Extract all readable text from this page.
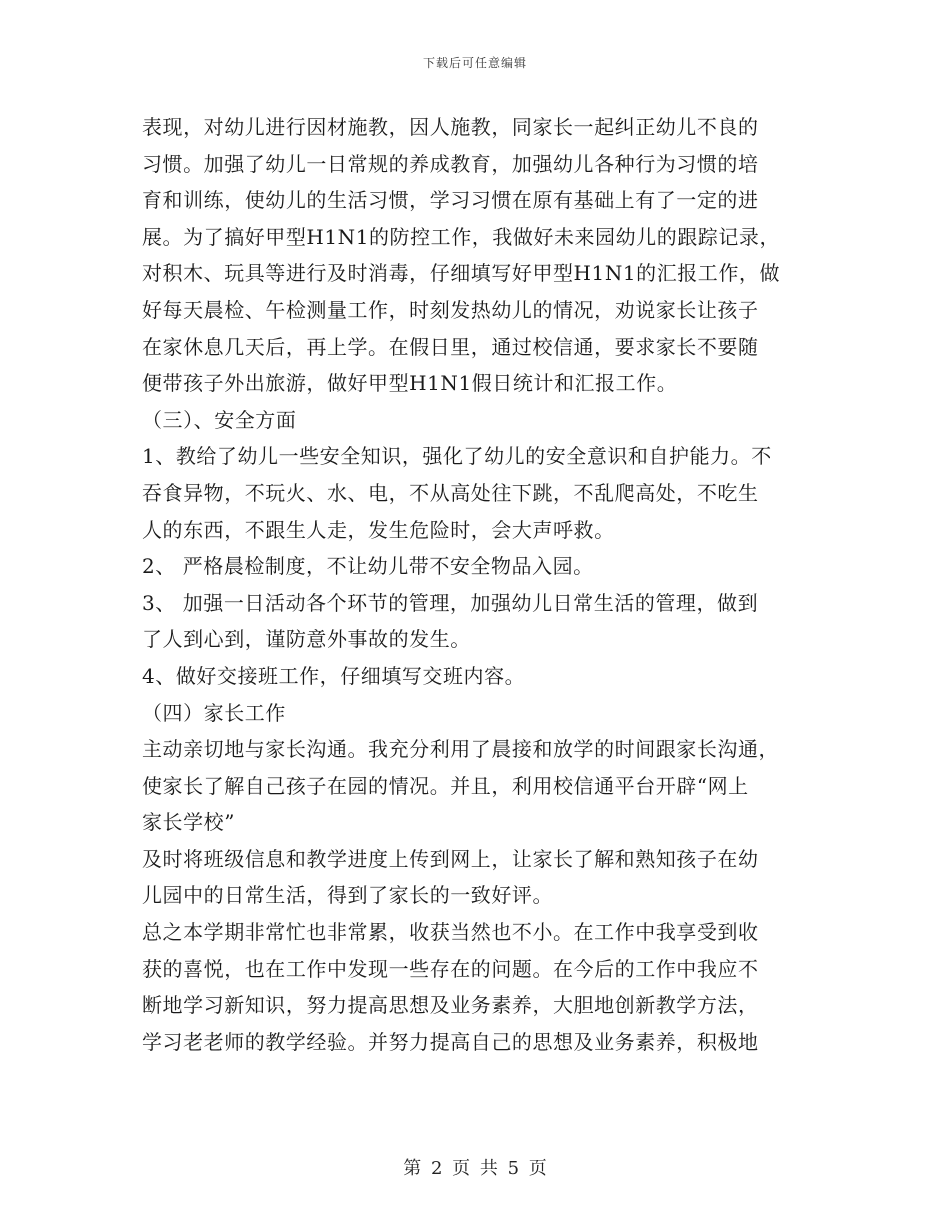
下载后可任意编辑
表现，对幼儿进行因材施教，因人施教，同家长一起纠正幼儿不良的
习惯。加强了幼儿一日常规的养成教育，加强幼儿各种行为习惯的培
育和训练，使幼儿的生活习惯，学习习惯在原有基础上有了一定的进
展。为了搞好甲型H1N1的防控工作，我做好未来园幼儿的跟踪记录，
对积木、玩具等进行及时消毒，仔细填写好甲型H1N1的汇报工作，做
好每天晨检、午检测量工作，时刻发热幼儿的情况，劝说家长让孩子
在家休息几天后，再上学。在假日里，通过校信通，要求家长不要随
便带孩子外出旅游，做好甲型H1N1假日统计和汇报工作。
（三）、安全方面
1、教给了幼儿一些安全知识，强化了幼儿的安全意识和自护能力。不
吞食异物，不玩火、水、电，不从高处往下跳，不乱爬高处，不吃生
人的东西，不跟生人走，发生危险时，会大声呼救。
2、 严格晨检制度，不让幼儿带不安全物品入园。
3、 加强一日活动各个环节的管理，加强幼儿日常生活的管理，做到
了人到心到，谨防意外事故的发生。
4、做好交接班工作，仔细填写交班内容。
（四）家长工作
主动亲切地与家长沟通。我充分利用了晨接和放学的时间跟家长沟通，
使家长了解自己孩子在园的情况。并且，利用校信通平台开辟“网上
家长学校”
及时将班级信息和教学进度上传到网上，让家长了解和熟知孩子在幼
儿园中的日常生活，得到了家长的一致好评。
总之本学期非常忙也非常累，收获当然也不小。在工作中我享受到收
获的喜悦，也在工作中发现一些存在的问题。在今后的工作中我应不
断地学习新知识，努力提高思想及业务素养，大胆地创新教学方法，
学习老老师的教学经验。并努力提高自己的思想及业务素养，积极地
第 2 页 共 5 页
